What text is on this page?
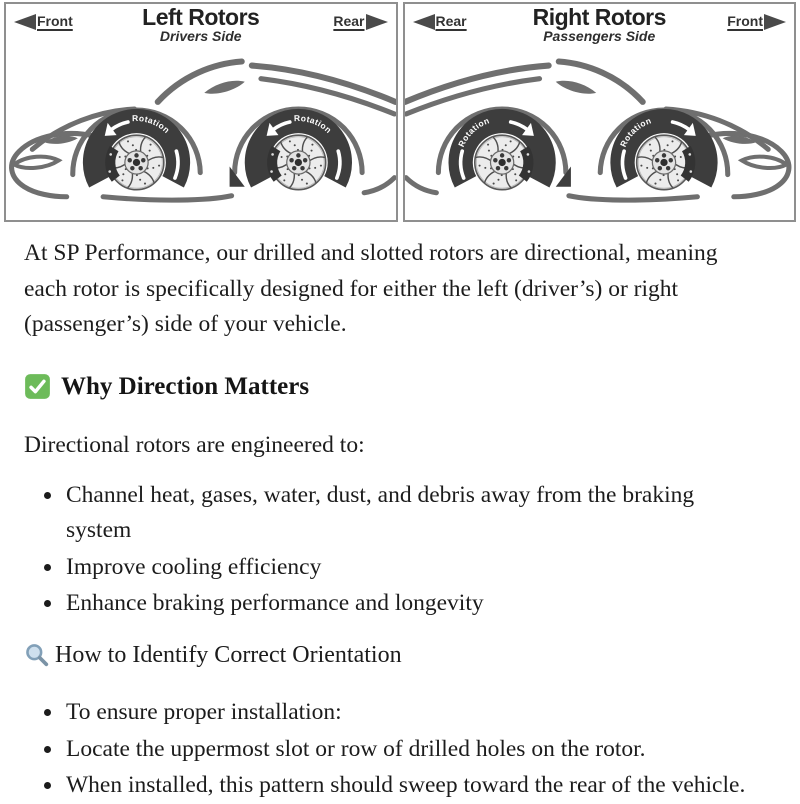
Front	Rear
Left Rotors
Drivers Side
Rotation
Rotation
Rear	Front
Right Rotors
Passengers Side
Rotation
Rotation

At SP Performance, our drilled and slotted rotors are directional, meaning each rotor is specifically designed for either the left (driver’s) or right (passenger’s) side of your vehicle.

Why Direction Matters

Directional rotors are engineered to:

• Channel heat, gases, water, dust, and debris away from the braking system
• Improve cooling efficiency
• Enhance braking performance and longevity
How to Identify Correct Orientation
• To ensure proper installation:
• Locate the uppermost slot or row of drilled holes on the rotor.
• When installed, this pattern should sweep toward the rear of the vehicle.
